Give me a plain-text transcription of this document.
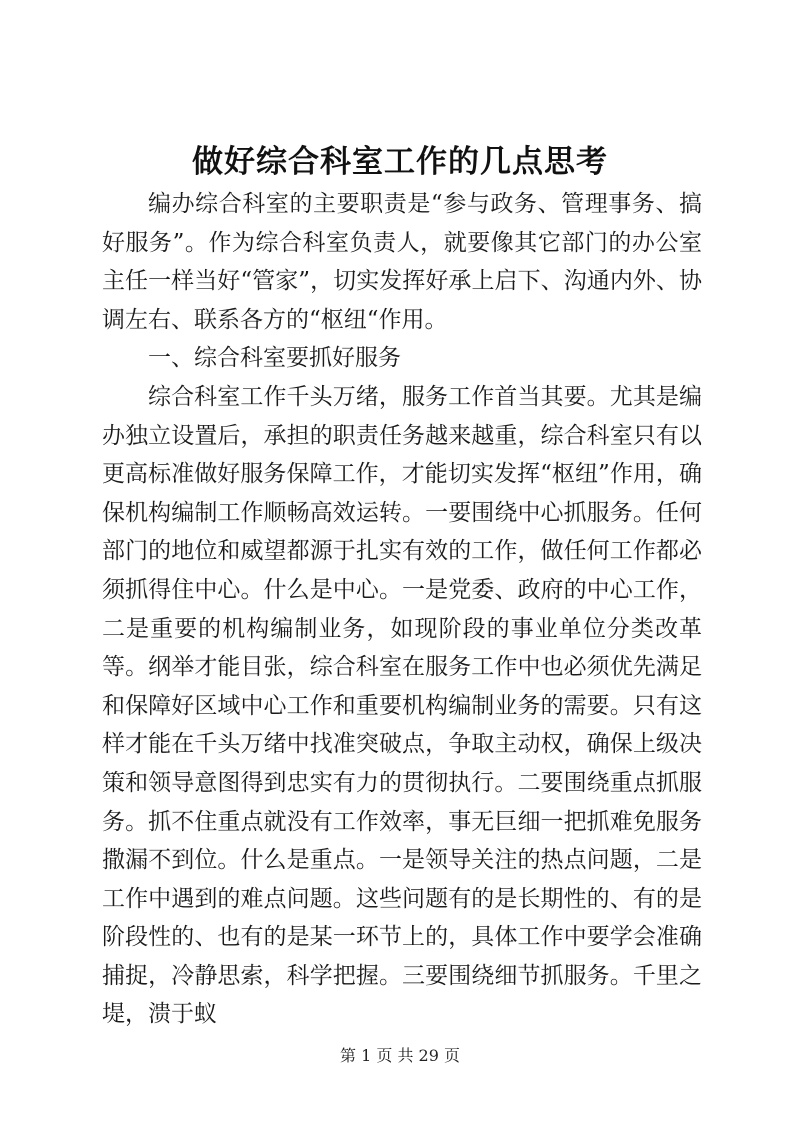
做好综合科室工作的几点思考

编办综合科室的主要职责是“参与政务、管理事务、搞好服务”。作为综合科室负责人，就要像其它部门的办公室主任一样当好“管家”，切实发挥好承上启下、沟通内外、协调左右、联系各方的“枢纽“作用。

一、综合科室要抓好服务

综合科室工作千头万绪，服务工作首当其要。尤其是编办独立设置后，承担的职责任务越来越重，综合科室只有以更高标准做好服务保障工作，才能切实发挥“枢纽”作用，确保机构编制工作顺畅高效运转。一要围绕中心抓服务。任何部门的地位和威望都源于扎实有效的工作，做任何工作都必须抓得住中心。什么是中心。一是党委、政府的中心工作，二是重要的机构编制业务，如现阶段的事业单位分类改革等。纲举才能目张，综合科室在服务工作中也必须优先满足和保障好区域中心工作和重要机构编制业务的需要。只有这样才能在千头万绪中找准突破点，争取主动权，确保上级决策和领导意图得到忠实有力的贯彻执行。二要围绕重点抓服务。抓不住重点就没有工作效率，事无巨细一把抓难免服务撒漏不到位。什么是重点。一是领导关注的热点问题，二是工作中遇到的难点问题。这些问题有的是长期性的、有的是阶段性的、也有的是某一环节上的，具体工作中要学会准确捕捉，冷静思索，科学把握。三要围绕细节抓服务。千里之堤，溃于蚁

第 1 页 共 29 页
